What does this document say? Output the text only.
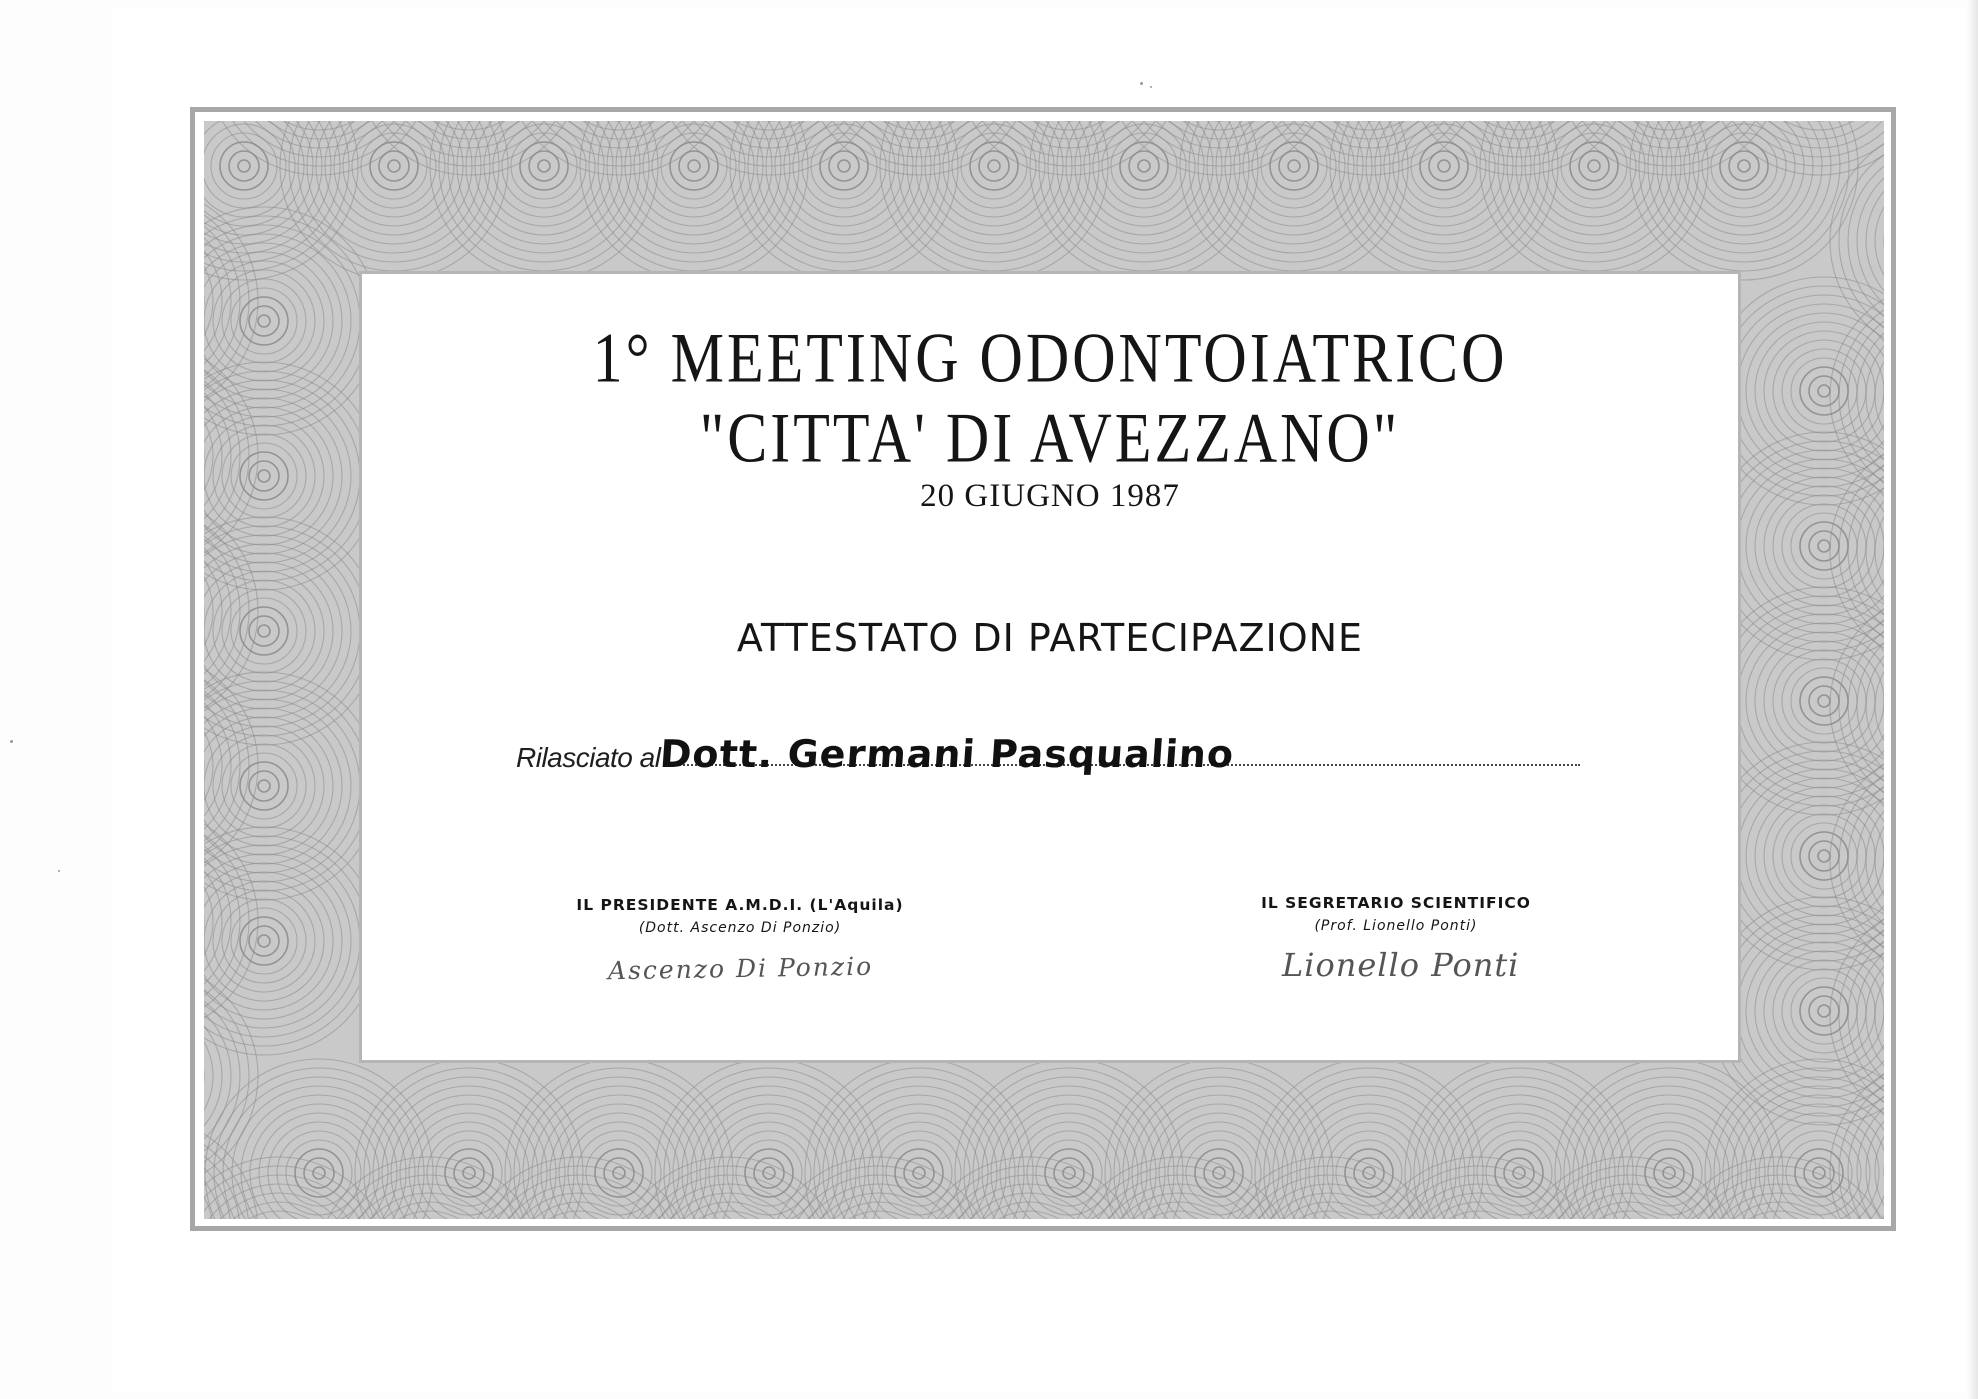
1° MEETING ODONTOIATRICO
"CITTA' DI AVEZZANO"
20 GIUGNO 1987
ATTESTATO DI PARTECIPAZIONE
Rilasciato al
Dott. Germani Pasqualino
IL PRESIDENTE A.M.D.I. (L'Aquila)
(Dott. Ascenzo Di Ponzio)
Ascenzo Di Ponzio
IL SEGRETARIO SCIENTIFICO
(Prof. Lionello Ponti)
Lionello Ponti
